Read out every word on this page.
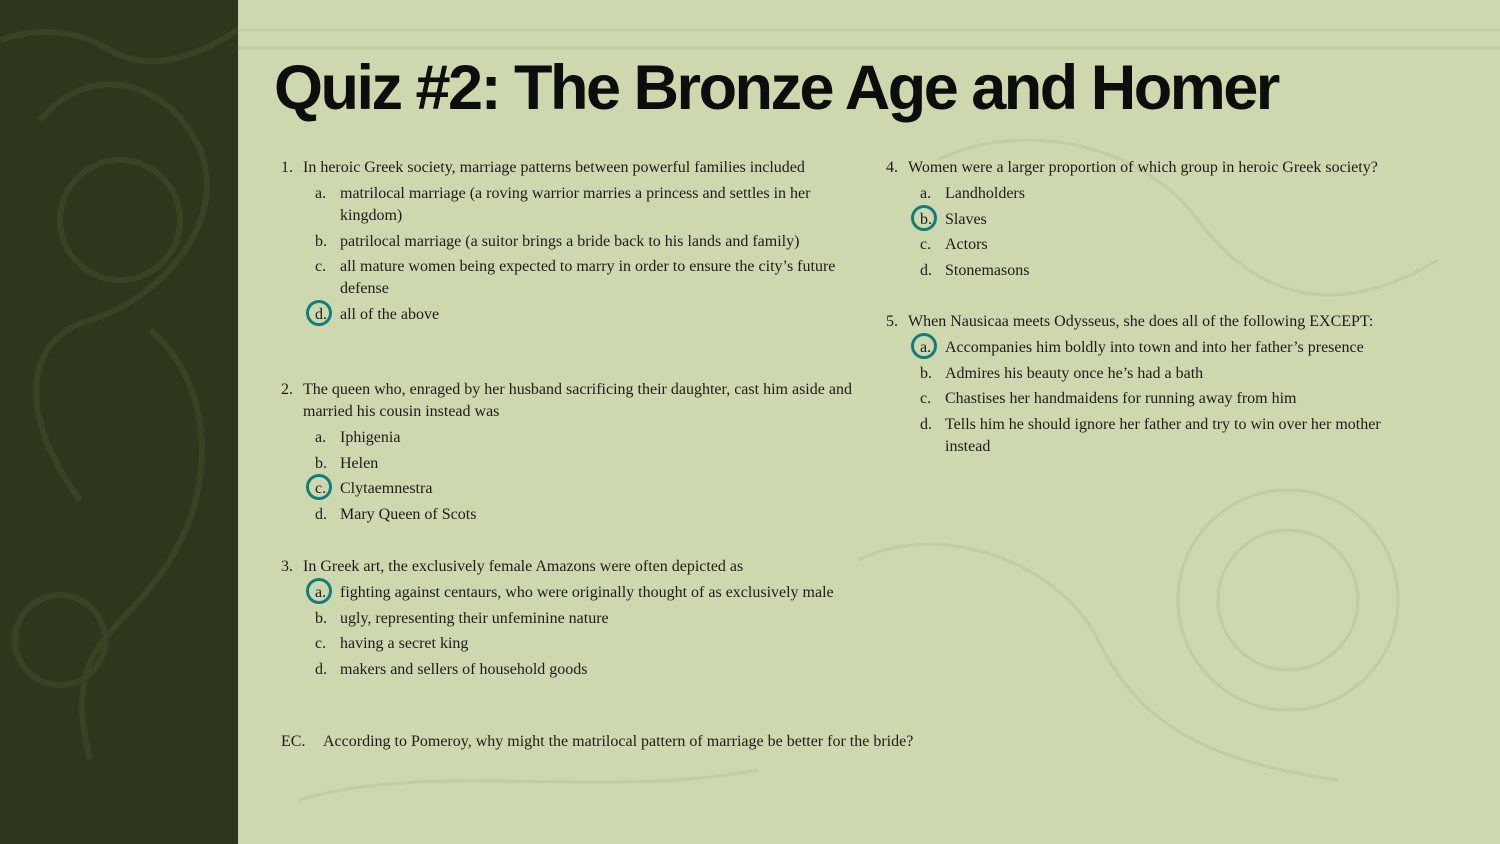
Quiz #2: The Bronze Age and Homer
1. In heroic Greek society, marriage patterns between powerful families included
a. matrilocal marriage (a roving warrior marries a princess and settles in her kingdom)
b. patrilocal marriage (a suitor brings a bride back to his lands and family)
c. all mature women being expected to marry in order to ensure the city’s future defense
d. all of the above
2. The queen who, enraged by her husband sacrificing their daughter, cast him aside and married his cousin instead was
a. Iphigenia
b. Helen
c. Clytaemnestra
d. Mary Queen of Scots
3. In Greek art, the exclusively female Amazons were often depicted as
a. fighting against centaurs, who were originally thought of as exclusively male
b. ugly, representing their unfeminine nature
c. having a secret king
d. makers and sellers of household goods
4. Women were a larger proportion of which group in heroic Greek society?
a. Landholders
b. Slaves
c. Actors
d. Stonemasons
5. When Nausicaa meets Odysseus, she does all of the following EXCEPT:
a. Accompanies him boldly into town and into her father’s presence
b. Admires his beauty once he’s had a bath
c. Chastises her handmaidens for running away from him
d. Tells him he should ignore her father and try to win over her mother instead
EC.	According to Pomeroy, why might the matrilocal pattern of marriage be better for the bride?
